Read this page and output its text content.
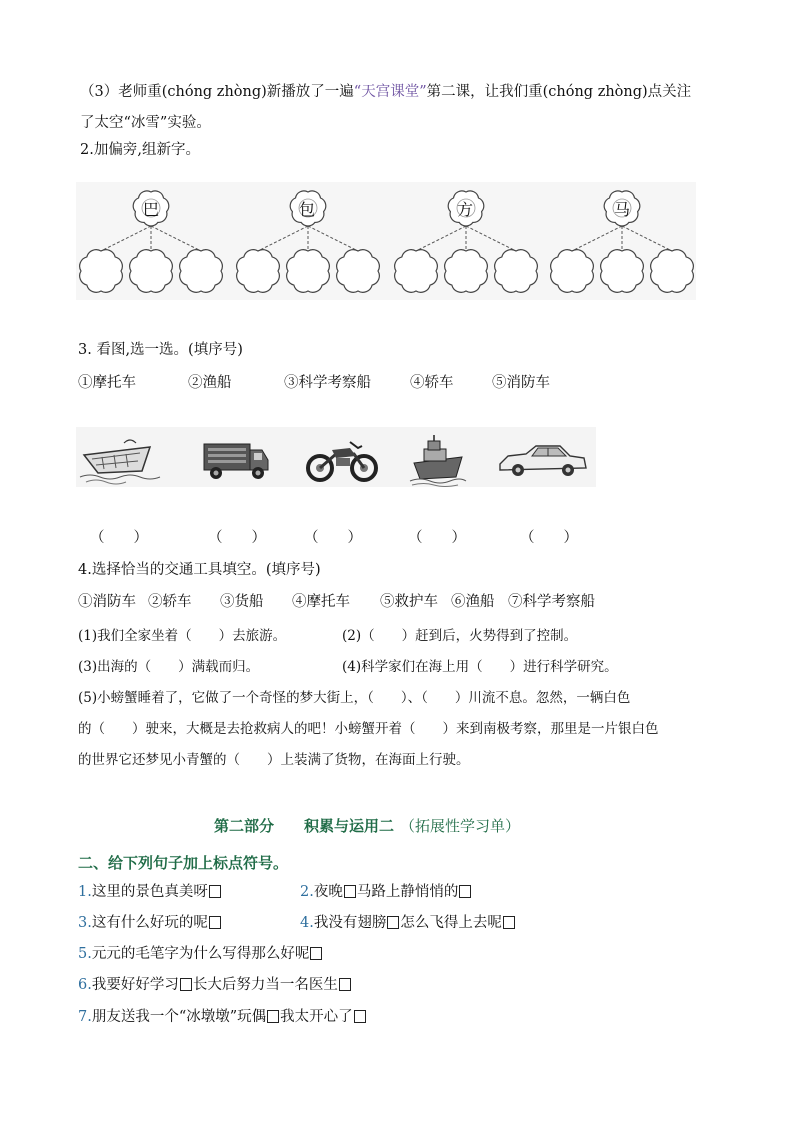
（3）老师重(chóng zhòng)新播放了一遍“天宫课堂”第二课，让我们重(chóng zhòng)点关注
了太空“冰雪”实验。
2.加偏旁,组新字。
巴	包	方	马
3. 看图,选一选。(填序号)
①摩托车	②渔船	③科学考察船	④轿车	⑤消防车
（　　）	（　　）	（　　）	（　　）	（　　）
4.选择恰当的交通工具填空。(填序号)
①消防车 ②轿车 ③货船 ④摩托车 ⑤救护车 ⑥渔船 ⑦科学考察船
(1)我们全家坐着（　　）去旅游。	(2)（　　）赶到后，火势得到了控制。
(3)出海的（　　）满载而归。	(4)科学家们在海上用（　　）进行科学研究。
(5)小螃蟹睡着了，它做了一个奇怪的梦大街上，（　　）、（　　）川流不息。忽然，一辆白色
的（　　）驶来，大概是去抢救病人的吧！小螃蟹开着（　　）来到南极考察，那里是一片银白色
的世界它还梦见小青蟹的（　　）上装满了货物，在海面上行驶。
第二部分 积累与运用二 （拓展性学习单）
二、给下列句子加上标点符号。
1.这里的景色真美呀	2.夜晚 马路上静悄悄的
3.这有什么好玩的呢	4.我没有翅膀 怎么飞得上去呢
5.元元的毛笔字为什么写得那么好呢
6.我要好好学习 长大后努力当一名医生
7.朋友送我一个“冰墩墩”玩偶 我太开心了
